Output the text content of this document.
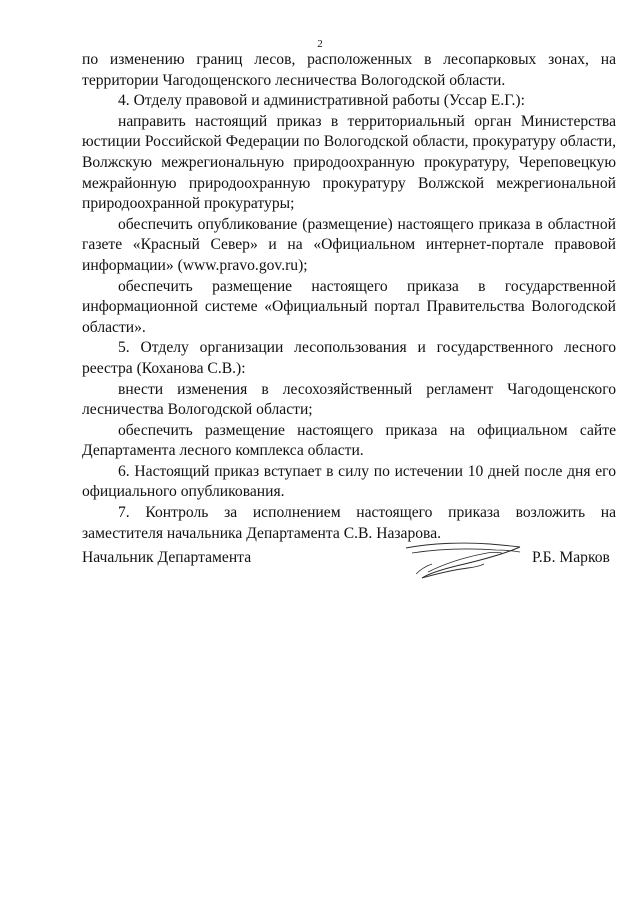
2

по изменению границ лесов, расположенных в лесопарковых зонах, на территории Чагодощенского лесничества Вологодской области.

4. Отделу правовой и административной работы (Уссар Е.Г.):

направить настоящий приказ в территориальный орган Министерства юстиции Российской Федерации по Вологодской области, прокуратуру области, Волжскую межрегиональную природоохранную прокуратуру, Череповецкую межрайонную природоохранную прокуратуру Волжской межрегиональной природоохранной прокуратуры;

обеспечить опубликование (размещение) настоящего приказа в областной газете «Красный Север» и на «Официальном интернет-портале правовой информации» (www.pravo.gov.ru);

обеспечить размещение настоящего приказа в государственной информационной системе «Официальный портал Правительства Вологодской области».

5. Отделу организации лесопользования и государственного лесного реестра (Коханова С.В.):

внести изменения в лесохозяйственный регламент Чагодощенского лесничества Вологодской области;

обеспечить размещение настоящего приказа на официальном сайте Департамента лесного комплекса области.

6. Настоящий приказ вступает в силу по истечении 10 дней после дня его официального опубликования.

7. Контроль за исполнением настоящего приказа возложить на заместителя начальника Департамента С.В. Назарова.

Начальник Департамента	Р.Б. Марков
